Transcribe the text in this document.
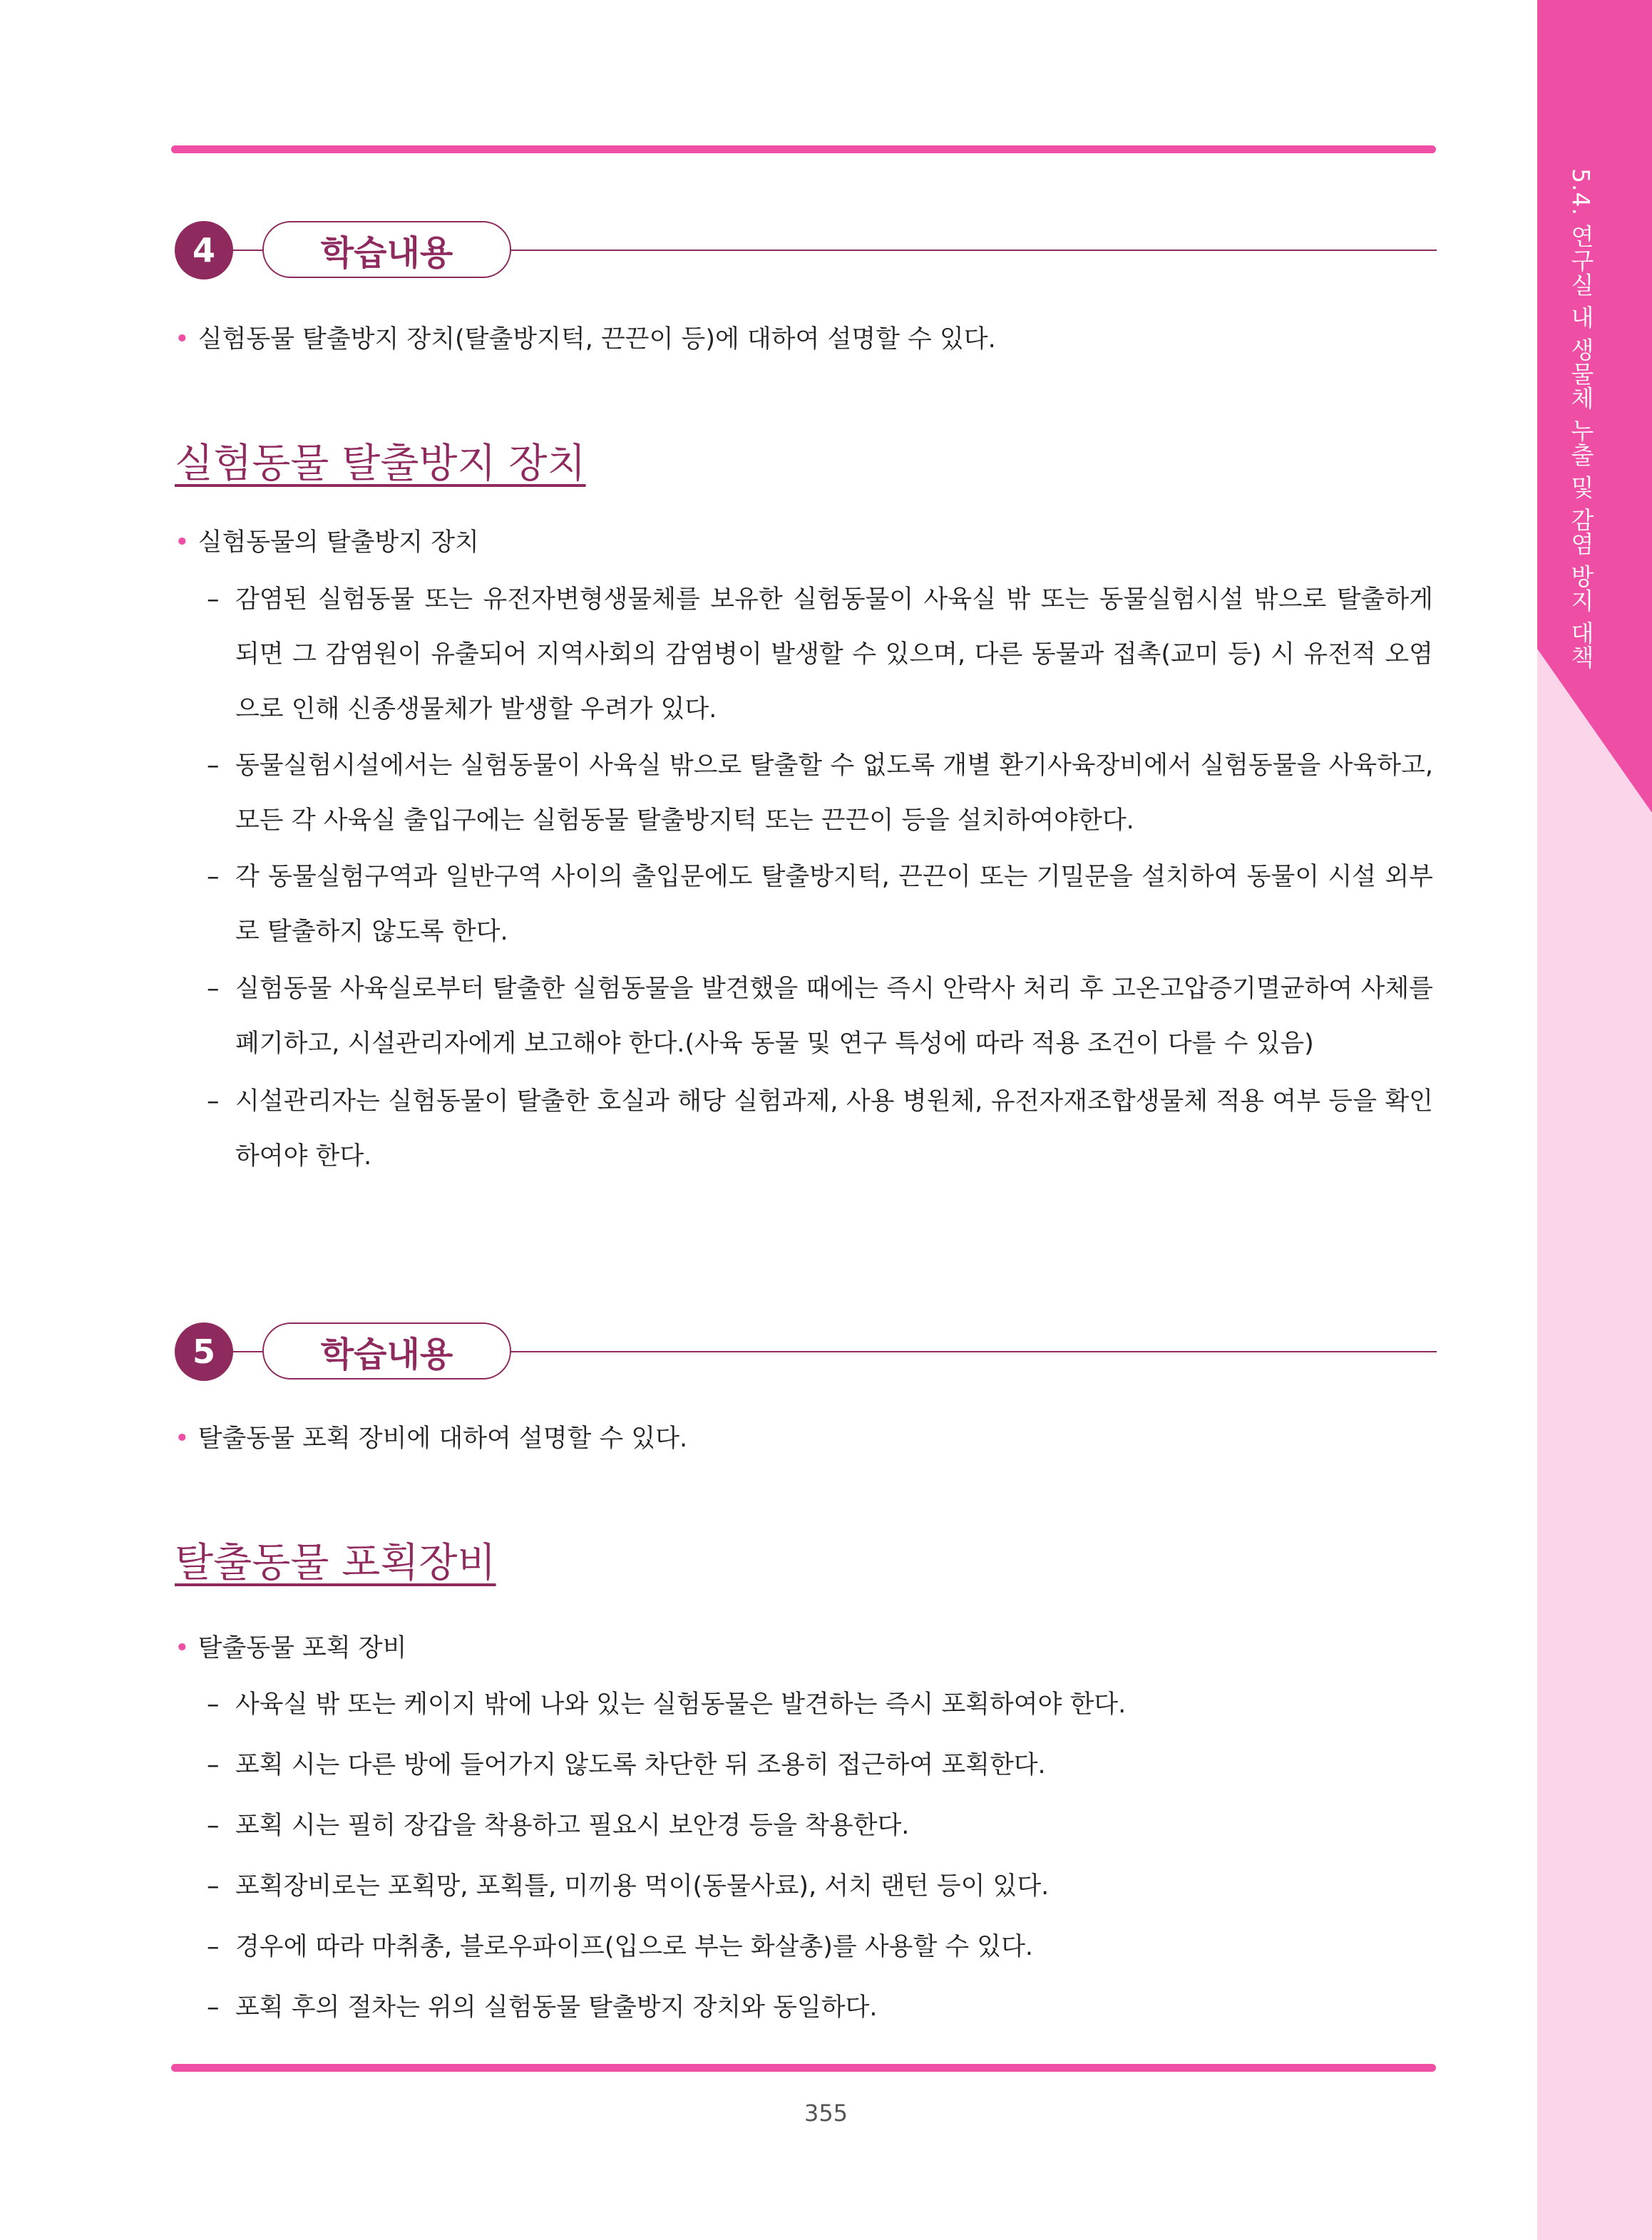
5.4. 연구실 내 생물체 누출 및 감염 방지 대책
4	학습내용
• 실험동물 탈출방지 장치(탈출방지턱, 끈끈이 등)에 대하여 설명할 수 있다.
실험동물 탈출방지 장치
• 실험동물의 탈출방지 장치
– 감염된 실험동물 또는 유전자변형생물체를 보유한 실험동물이 사육실 밖 또는 동물실험시설 밖으로 탈출하게 되면 그 감염원이 유출되어 지역사회의 감염병이 발생할 수 있으며, 다른 동물과 접촉(교미 등) 시 유전적 오염으로 인해 신종생물체가 발생할 우려가 있다.
– 동물실험시설에서는 실험동물이 사육실 밖으로 탈출할 수 없도록 개별 환기사육장비에서 실험동물을 사육하고, 모든 각 사육실 출입구에는 실험동물 탈출방지턱 또는 끈끈이 등을 설치하여야한다.
– 각 동물실험구역과 일반구역 사이의 출입문에도 탈출방지턱, 끈끈이 또는 기밀문을 설치하여 동물이 시설 외부로 탈출하지 않도록 한다.
– 실험동물 사육실로부터 탈출한 실험동물을 발견했을 때에는 즉시 안락사 처리 후 고온고압증기멸균하여 사체를 폐기하고, 시설관리자에게 보고해야 한다.(사육 동물 및 연구 특성에 따라 적용 조건이 다를 수 있음)
– 시설관리자는 실험동물이 탈출한 호실과 해당 실험과제, 사용 병원체, 유전자재조합생물체 적용 여부 등을 확인하여야 한다.
5	학습내용
• 탈출동물 포획 장비에 대하여 설명할 수 있다.
탈출동물 포획장비
• 탈출동물 포획 장비
– 사육실 밖 또는 케이지 밖에 나와 있는 실험동물은 발견하는 즉시 포획하여야 한다.
– 포획 시는 다른 방에 들어가지 않도록 차단한 뒤 조용히 접근하여 포획한다.
– 포획 시는 필히 장갑을 착용하고 필요시 보안경 등을 착용한다.
– 포획장비로는 포획망, 포획틀, 미끼용 먹이(동물사료), 서치 랜턴 등이 있다.
– 경우에 따라 마취총, 블로우파이프(입으로 부는 화살총)를 사용할 수 있다.
– 포획 후의 절차는 위의 실험동물 탈출방지 장치와 동일하다.
355
